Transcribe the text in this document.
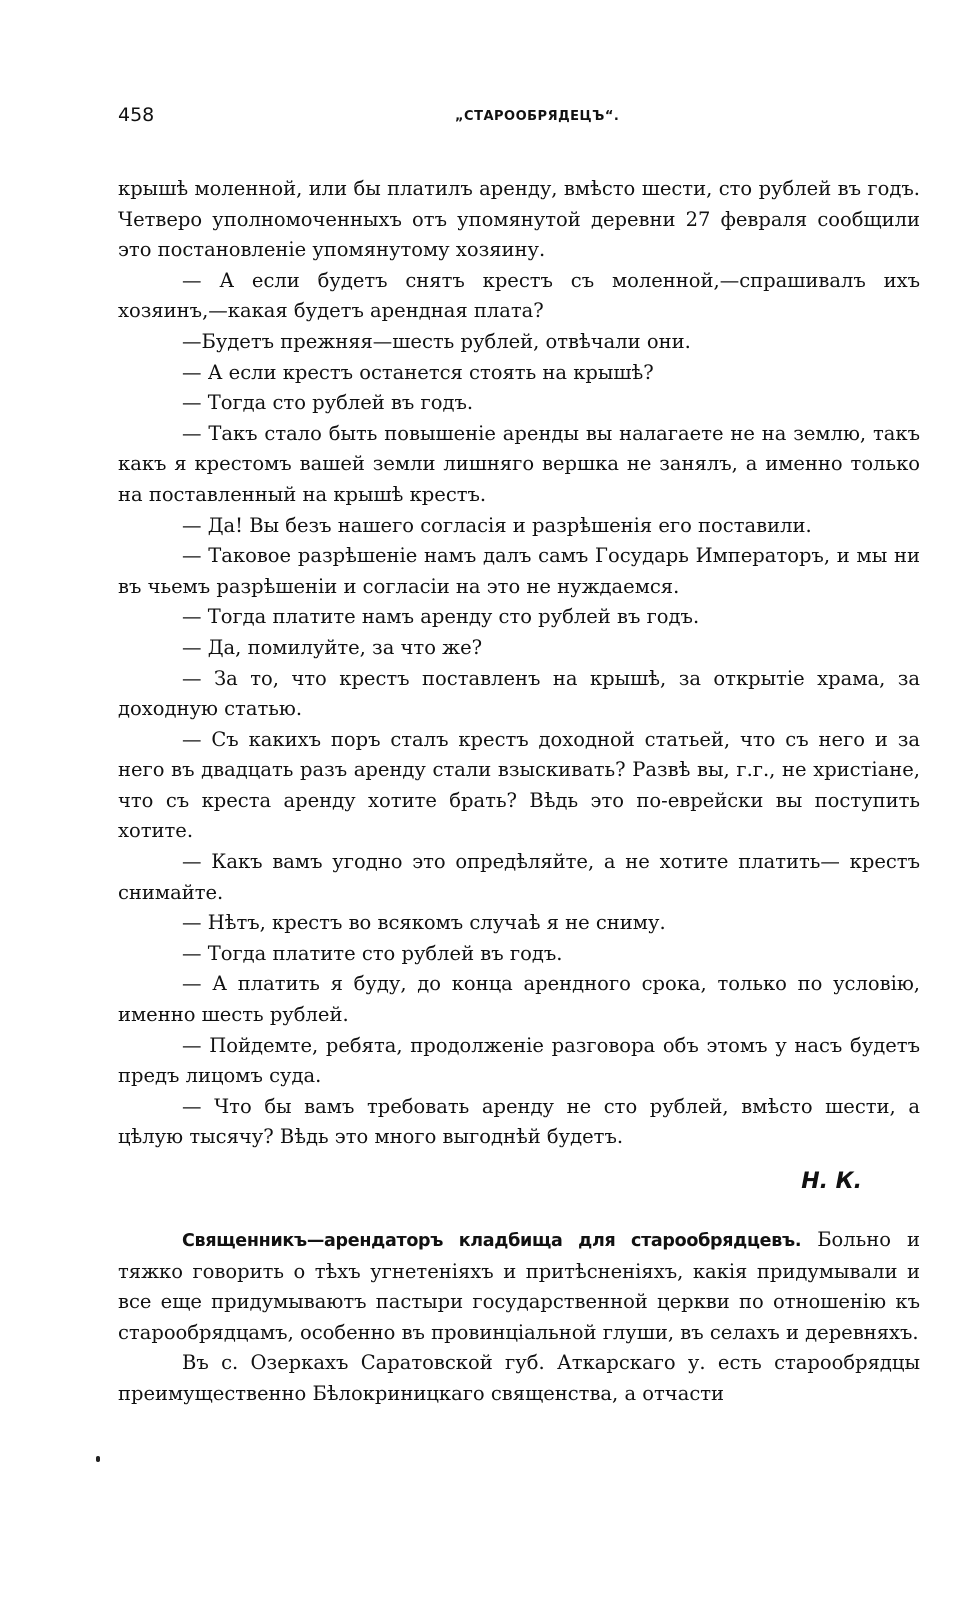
458	„СТАРООБРЯДЕЦЪ“.

крышѣ моленной, или бы платилъ аренду, вмѣсто шести, сто рублей въ годъ. Четверо уполномоченныхъ отъ упомянутой деревни 27 февраля сообщили это постановленіе упомянутому хозяину.

— А если будетъ снятъ крестъ съ моленной,—спрашивалъ ихъ хозяинъ,—какая будетъ арендная плата?

—Будетъ прежняя—шесть рублей, отвѣчали они.

— А если крестъ останется стоять на крышѣ?

— Тогда сто рублей въ годъ.

— Такъ стало быть повышеніе аренды вы налагаете не на землю, такъ какъ я крестомъ вашей земли лишняго вершка не занялъ, а именно только на поставленный на крышѣ крестъ.

— Да! Вы безъ нашего согласія и разрѣшенія его поставили.

— Таковое разрѣшеніе намъ далъ самъ Государь Императоръ, и мы ни въ чьемъ разрѣшеніи и согласіи на это не нуждаемся.

— Тогда платите намъ аренду сто рублей въ годъ.

— Да, помилуйте, за что же?

— За то, что крестъ поставленъ на крышѣ, за открытіе храма, за доходную статью.

— Съ какихъ поръ сталъ крестъ доходной статьей, что съ него и за него въ двадцать разъ аренду стали взыскивать? Развѣ вы, г.г., не христіане, что съ креста аренду хотите брать? Вѣдь это по-еврейски вы поступить хотите.

— Какъ вамъ угодно это опредѣляйте, а не хотите платить— крестъ снимайте.

— Нѣтъ, крестъ во всякомъ случаѣ я не сниму.

— Тогда платите сто рублей въ годъ.

— А платить я буду, до конца арендного срока, только по условію, именно шесть рублей.

— Пойдемте, ребята, продолженіе разговора объ этомъ у насъ будетъ предъ лицомъ суда.

— Что бы вамъ требовать аренду не сто рублей, вмѣсто шести, а цѣлую тысячу? Вѣдь это много выгоднѣй будетъ.

Н. К.

Священникъ—арендаторъ кладбища для старообрядцевъ. Больно и тяжко говорить о тѣхъ угнетеніяхъ и притѣсненіяхъ, какія придумывали и все еще придумываютъ пастыри государственной церкви по отношенію къ старообрядцамъ, особенно въ провинціальной глуши, въ селахъ и деревняхъ.

Въ с. Озеркахъ Саратовской губ. Аткарскаго у. есть старообрядцы преимущественно Бѣлокриницкаго священства, а отчасти
